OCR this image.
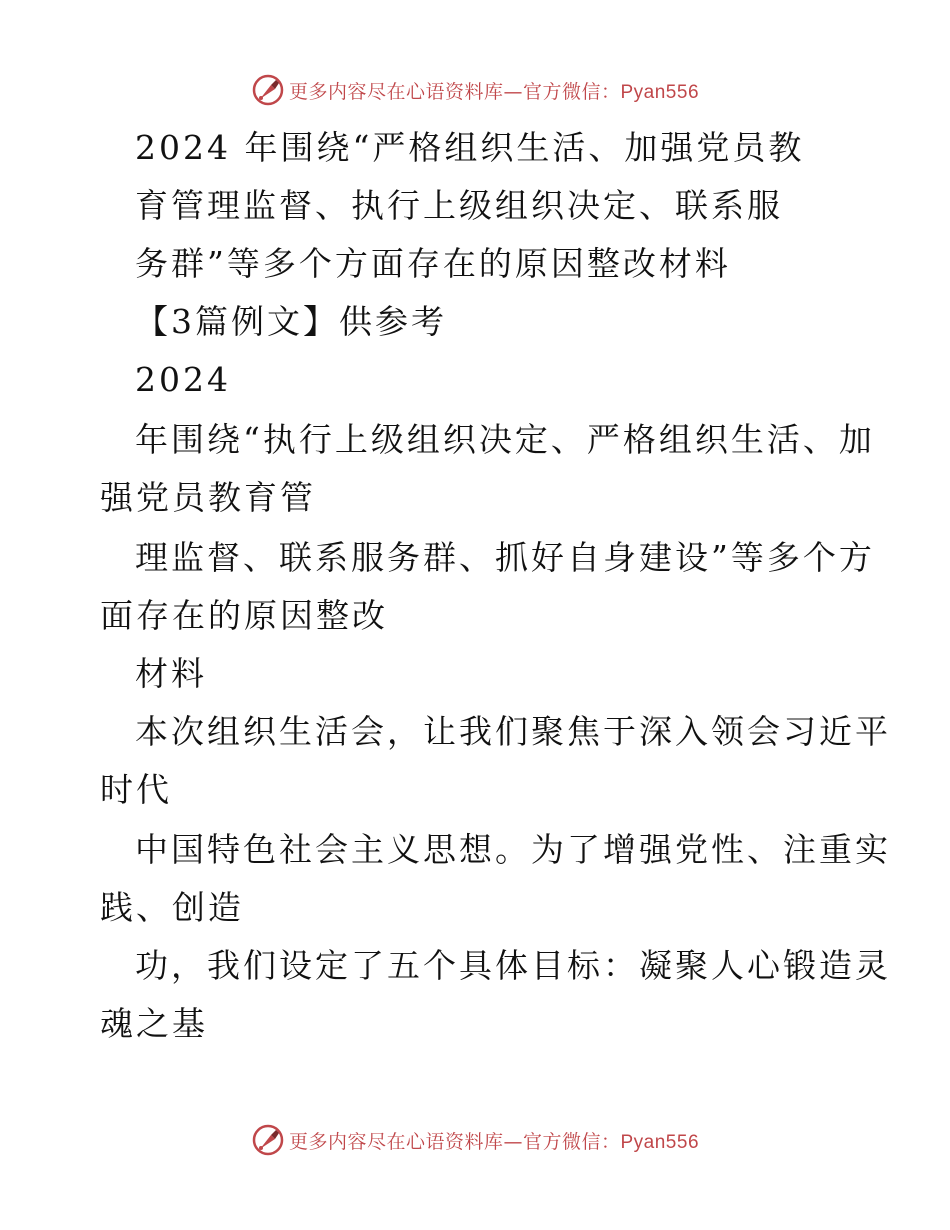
更多内容尽在心语资料库—官方微信：Pyan556
2024 年围绕“严格组织生活、加强党员教
育管理监督、执行上级组织决定、联系服
务群”等多个方面存在的原因整改材料
【3篇例文】供参考
2024
年围绕“执行上级组织决定、严格组织生活、加
强党员教育管
理监督、联系服务群、抓好自身建设”等多个方
面存在的原因整改
材料
本次组织生活会，让我们聚焦于深入领会习近平
时代
中国特色社会主义思想。为了增强党性、注重实
践、创造
功，我们设定了五个具体目标：凝聚人心锻造灵
魂之基
更多内容尽在心语资料库—官方微信：Pyan556
